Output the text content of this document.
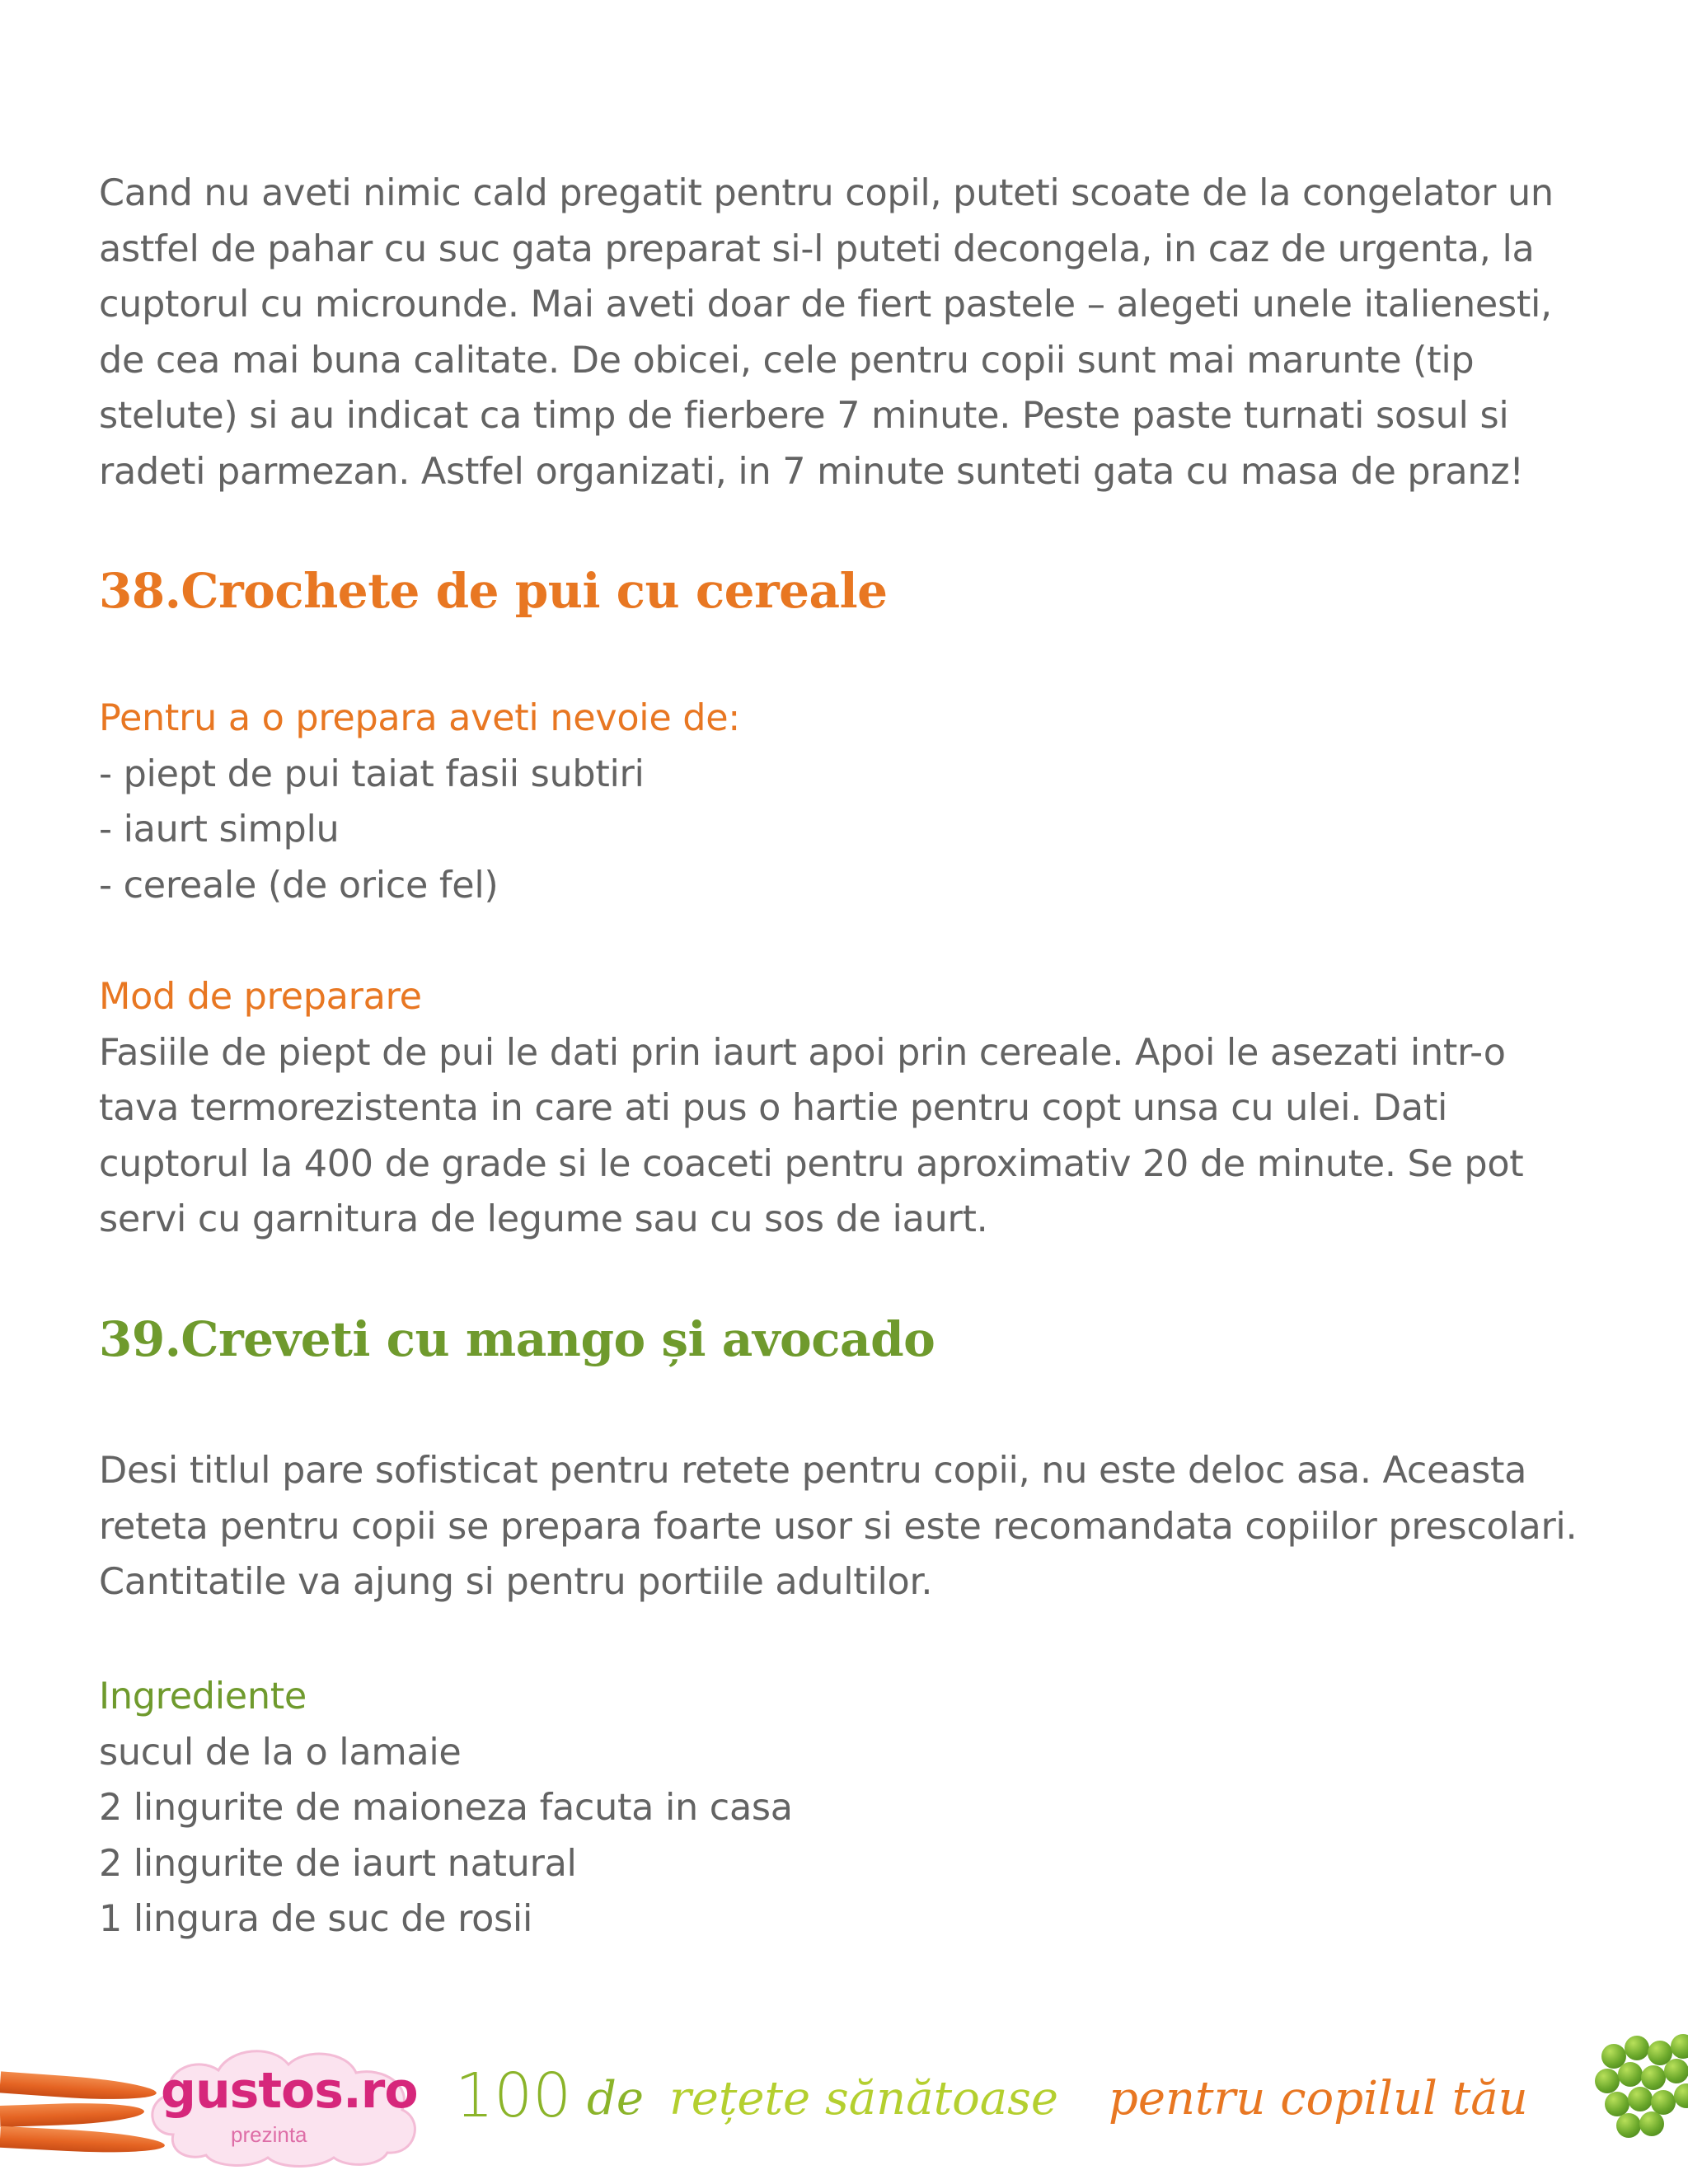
Cand nu aveti nimic cald pregatit pentru copil, puteti scoate de la congelator un
astfel de pahar cu suc gata preparat si-l puteti decongela, in caz de urgenta, la
cuptorul cu microunde. Mai aveti doar de fiert pastele – alegeti unele italienesti,
de cea mai buna calitate. De obicei, cele pentru copii sunt mai marunte (tip
stelute) si au indicat ca timp de fierbere 7 minute. Peste paste turnati sosul si
radeti parmezan. Astfel organizati, in 7 minute sunteti gata cu masa de pranz!

38.Crochete de pui cu cereale

Pentru a o prepara aveti nevoie de:
- piept de pui taiat fasii subtiri
- iaurt simplu
- cereale (de orice fel)

Mod de preparare
Fasiile de piept de pui le dati prin iaurt apoi prin cereale. Apoi le asezati intr-o
tava termorezistenta in care ati pus o hartie pentru copt unsa cu ulei. Dati
cuptorul la 400 de grade si le coaceti pentru aproximativ 20 de minute. Se pot
servi cu garnitura de legume sau cu sos de iaurt.

39.Creveti cu mango și avocado

Desi titlul pare sofisticat pentru retete pentru copii, nu este deloc asa. Aceasta
reteta pentru copii se prepara foarte usor si este recomandata copiilor prescolari.
Cantitatile va ajung si pentru portiile adultilor.

Ingrediente
sucul de la o lamaie
2 lingurite de maioneza facuta in casa
2 lingurite de iaurt natural
1 lingura de suc de rosii

gustos.ro
prezinta
100 de rețete sănătoase pentru copilul tău
